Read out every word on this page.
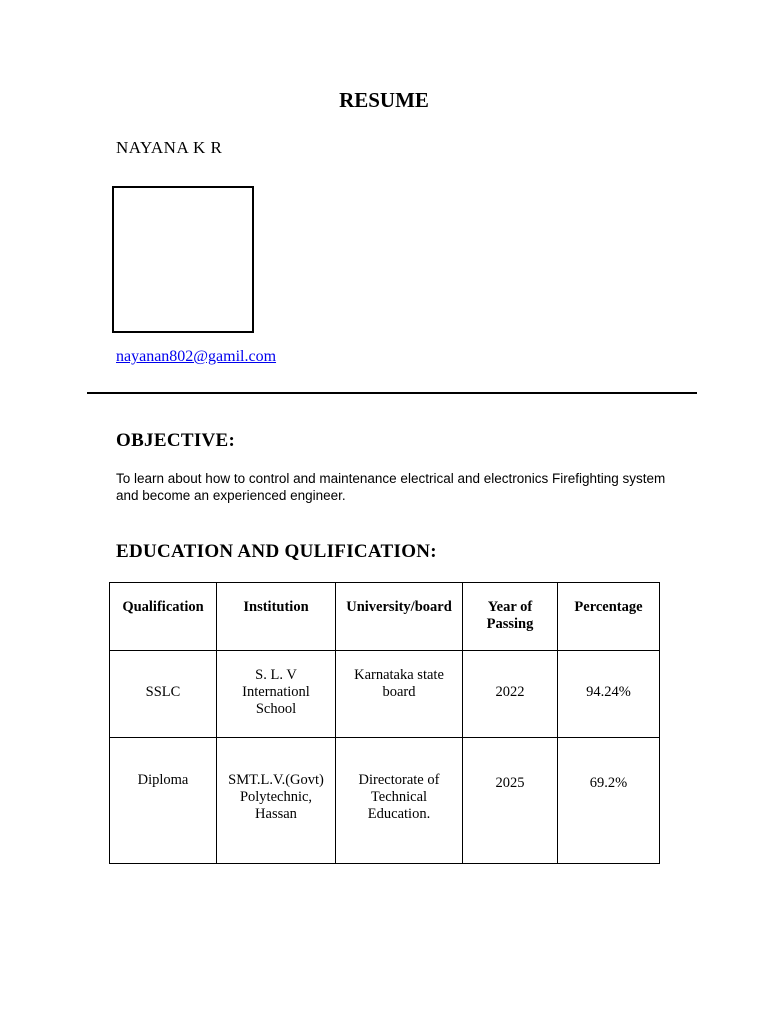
RESUME
NAYANA K R
nayanan802@gamil.com
OBJECTIVE:
To learn about how to control and maintenance electrical and electronics Firefighting system and become an experienced engineer.
EDUCATION AND QULIFICATION:
Qualification	Institution	University/board	Year of Passing	Percentage
SSLC	S. L. V Internationl School	Karnataka state board	2022	94.24%
Diploma	SMT.L.V.(Govt) Polytechnic, Hassan	Directorate of Technical Education.	2025	69.2%
